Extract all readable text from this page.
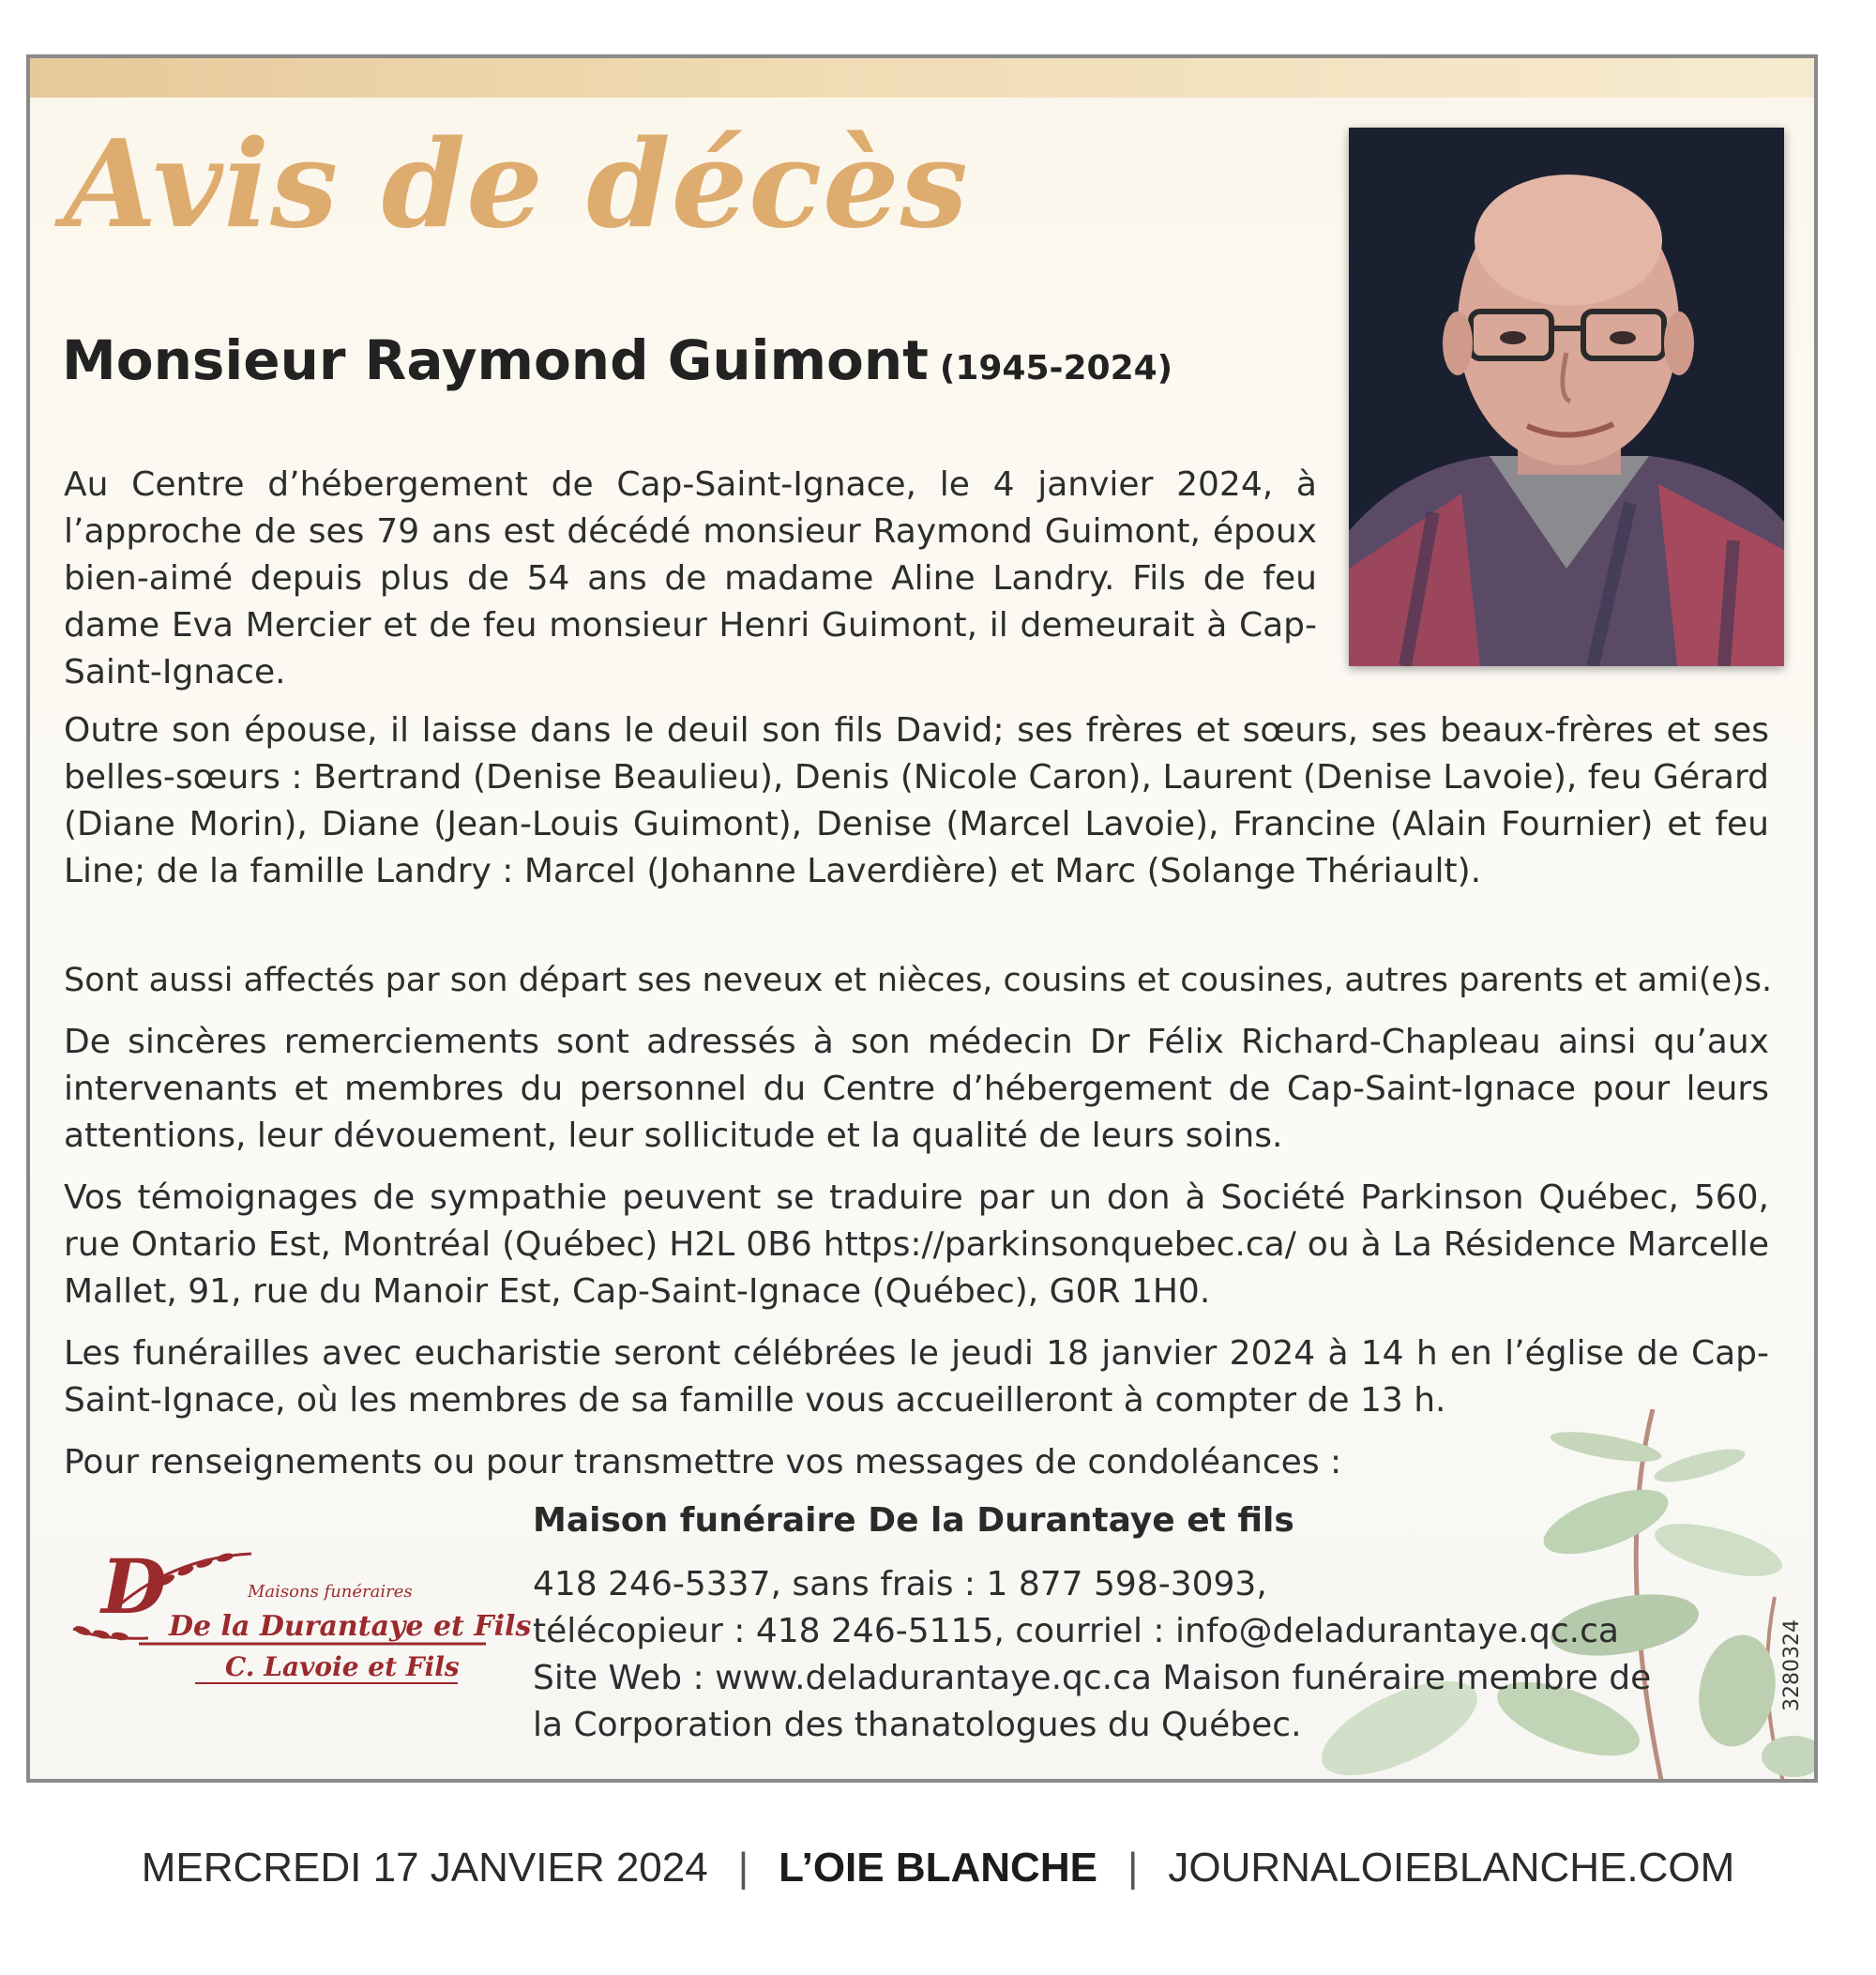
Avis de décès
Monsieur Raymond Guimont (1945-2024)
Au Centre d’hébergement de Cap-Saint-Ignace, le 4 janvier 2024, à l’approche de ses 79 ans est décédé monsieur Raymond Guimont, époux bien-aimé depuis plus de 54 ans de madame Aline Landry. Fils de feu dame Eva Mercier et de feu monsieur Henri Guimont, il demeurait à Cap-Saint-Ignace.
Outre son épouse, il laisse dans le deuil son fils David; ses frères et sœurs, ses beaux-frères et ses belles-sœurs : Bertrand (Denise Beaulieu), Denis (Nicole Caron), Laurent (Denise Lavoie), feu Gérard (Diane Morin), Diane (Jean-Louis Guimont), Denise (Marcel Lavoie), Francine (Alain Fournier) et feu Line; de la famille Landry : Marcel (Johanne Laverdière) et Marc (Solange Thériault).
Sont aussi affectés par son départ ses neveux et nièces, cousins et cousines, autres parents et ami(e)s.
De sincères remerciements sont adressés à son médecin Dr Félix Richard-Chapleau ainsi qu’aux intervenants et membres du personnel du Centre d’hébergement de Cap-Saint-Ignace pour leurs attentions, leur dévouement, leur sollicitude et la qualité de leurs soins.
Vos témoignages de sympathie peuvent se traduire par un don à Société Parkinson Québec, 560, rue Ontario Est, Montréal (Québec) H2L 0B6 https://parkinsonquebec.ca/ ou à La Résidence Marcelle Mallet, 91, rue du Manoir Est, Cap-Saint-Ignace (Québec), G0R 1H0.
Les funérailles avec eucharistie seront célébrées le jeudi 18 janvier 2024 à 14 h en l’église de Cap-Saint-Ignace, où les membres de sa famille vous accueilleront à compter de 13 h.
Pour renseignements ou pour transmettre vos messages de condoléances :
Maison funéraire De la Durantaye et fils
418 246-5337, sans frais : 1 877 598-3093,
télécopieur : 418 246-5115, courriel : info@deladurantaye.qc.ca
Site Web : www.deladurantaye.qc.ca Maison funéraire membre de
la Corporation des thanatologues du Québec.
D	Maisons funéraires
De la Durantaye et Fils
C. Lavoie et Fils	3280324
MERCREDI 17 JANVIER 2024 | L’OIE BLANCHE | JOURNALOIEBLANCHE.COM
